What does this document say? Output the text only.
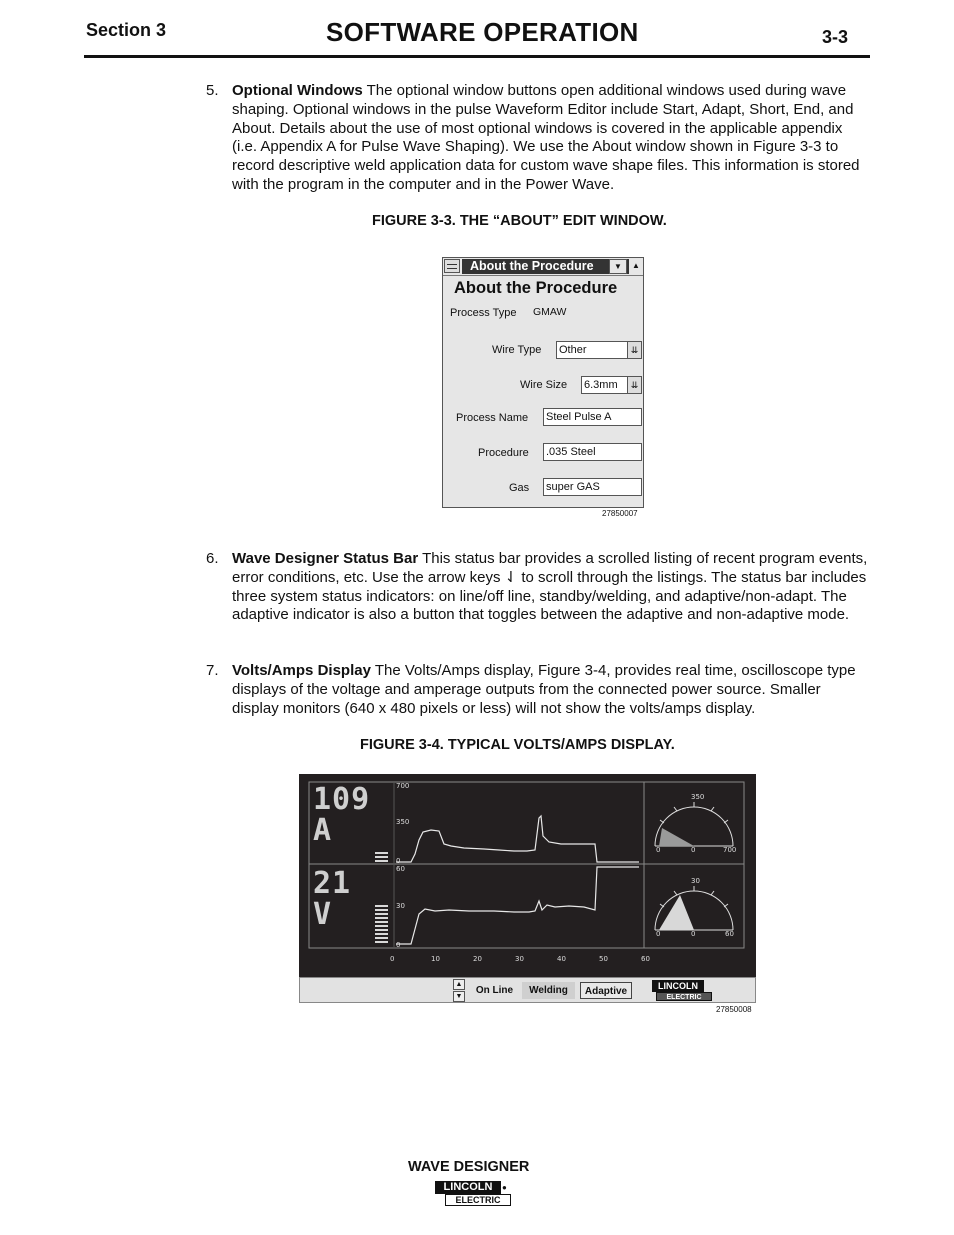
Section 3	SOFTWARE OPERATION	3-3
5. Optional Windows The optional window buttons open additional windows used during wave shaping. Optional windows in the pulse Waveform Editor include Start, Adapt, Short, End, and About. Details about the use of most optional windows is covered in the applicable appendix (i.e. Appendix A for Pulse Wave Shaping). We use the About window shown in Figure 3-3 to record descriptive weld application data for custom wave shape files. This information is stored with the program in the computer and in the Power Wave.
FIGURE 3-3. THE “ABOUT” EDIT WINDOW.
About the Procedure	▼	▲
About the Procedure
Process Type GMAW
Wire Type Other	⇊
Wire Size 6.3mm	⇊
Process Name Steel Pulse A
Procedure .035 Steel
Gas super GAS
27850007
6. Wave Designer Status Bar This status bar provides a scrolled listing of recent program events, error conditions, etc. Use the arrow keys ⇃ to scroll through the listings. The status bar includes three system status indicators: on line/off line, standby/welding, and adaptive/non-adapt. The adaptive indicator is also a button that toggles between the adaptive and non-adaptive mode.
7. Volts/Amps Display The Volts/Amps display, Figure 3-4, provides real time, oscilloscope type displays of the voltage and amperage outputs from the connected power source. Smaller display monitors (640 x 480 pixels or less) will not show the volts/amps display.
FIGURE 3-4. TYPICAL VOLTS/AMPS DISPLAY.
109
A
21
V
700
350
0
60
30
0
0	10	20	30	40	50	60
350
0	0	700
30
0	0	60
▲
▼
On Line	Welding	Adaptive	LINCOLN
ELECTRIC
27850008
WAVE DESIGNER
LINCOLN	●
ELECTRIC
